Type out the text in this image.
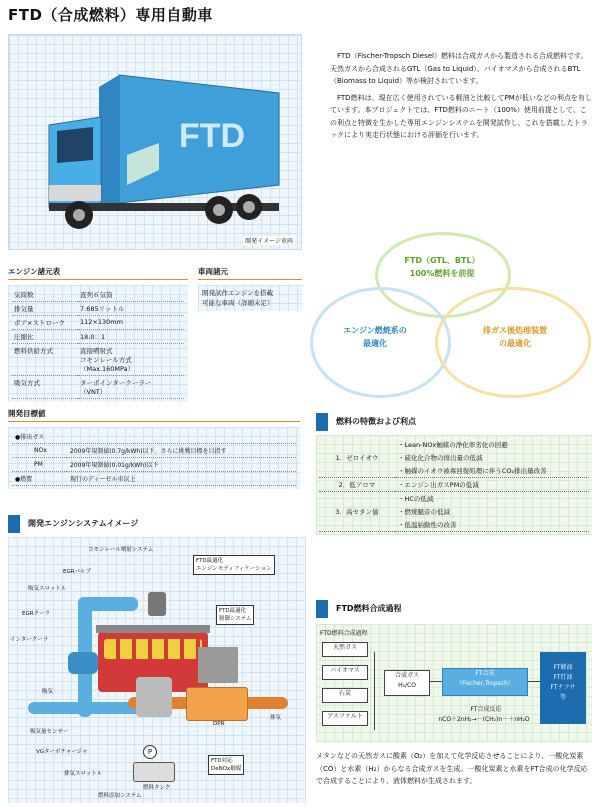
FTD（合成燃料）専用自動車
FTD
開発イメージ車両

FTD（Fischer-Tropsch Diesel）燃料は合成ガスから製造される合成燃料です。天然ガスから合成されるGTL（Gas to Liquid）、バイオマスから合成されるBTL（Biomass to Liquid）等が検討されています。

FTD燃料は、現在広く使用されている軽油と比較してPMが低いなどの利点を有しています。本プロジェクトでは、FTD燃料のニート（100%）使用前提として、この利点と特徴を生かした専用エンジンシステムを開発試作し、これを搭載したトラックにより実走行状態における評価を行います。

エンジン諸元表
気筒数	直列６気筒
排気量	7.685リットル
ボア×ストローク	112×130mm
圧縮比	18.0：1
燃料供給方式	直接噴射式
コモンレール方式
（Max.160MPa）
吸気方式	ターボインタークーラー
（VNT）
車両諸元
開発試作エンジンを搭載
可能な車両（詳細未定）
FTD（GTL、BTL）
100%燃料を前提
エンジン燃焼系の
最適化
排ガス後処理装置
の最適化
開発目標値
●排出ガス	
NOx	2009年規制値(0.7g/kWh)以下、さらに挑戦目標を目指す
PM	2009年規制値(0.01g/kWh)以下
●燃費	現行のディーゼル車以上
燃料の特徴および利点
1．ゼロイオウ	・Lean-NOx触媒の浄化率劣化の回避
	・硫化化合物の排出量の低減
	・触媒のイオウ被毒回復処理に伴うCO₂排出量改善
2．低アロマ	・エンジン出ガスPMの低減
3．高セタン価	・HCの低減
	・燃焼騒音の低減
	・低温始動性の改善
開発エンジンシステムイメージ
P
コモンレール噴射システム
FTD最適化
エンジンモディフィケーション
EGRバルブ
吸気スロットル
EGRクーラ
インタークーラ
FTD最適化
制御システム
吸気
吸気量センサー
VGターボチャージャ
排気スロットル
燃料添加システム
DPR
排気
燃料タンク
FTD対応
DeNOx触媒
FTD燃料合成過程
FTD燃料合成過程
天然ガス
バイオマス
石炭
アスファルト
合成ガス
H₂/CO
FT合成
（Fischer,Tropsch）
FT軽油
FT灯油
FTナフサ
等
FT合成反応
nCO＋2nH₂→－(CH₂)n－＋nH₂O

メタンなどの天然ガスに酸素（O₂）を加えて化学反応させることにより、一酸化炭素（CO）と水素（H₂）からなる合成ガスを生成。一酸化炭素と水素をFT合成の化学反応で合成することにより、液体燃料が生成されます。
